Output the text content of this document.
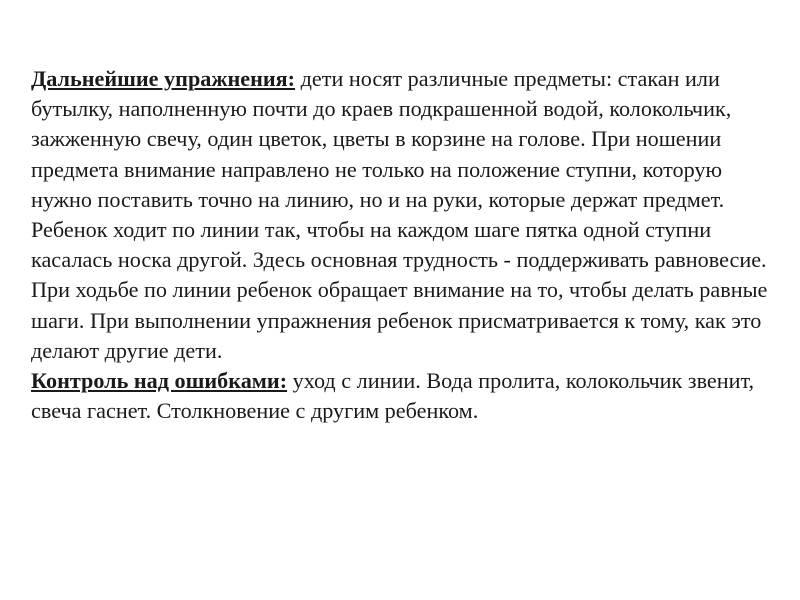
Дальнейшие упражнения: дети носят различные предметы: стакан или бутылку, наполненную почти до краев подкрашенной водой, колокольчик, зажженную свечу, один цветок, цветы в корзине на голове. При ношении предмета внимание направлено не только на положение ступни, которую нужно поставить точно на линию, но и на руки, которые держат предмет. Ребенок ходит по линии так, чтобы на каждом шаге пятка одной ступни касалась носка другой. Здесь основная трудность - поддерживать равновесие. При ходьбе по линии ребенок обращает внимание на то, чтобы делать равные шаги. При выполнении упражнения ребенок присматривается к тому, как это делают другие дети.

Контроль над ошибками: уход с линии. Вода пролита, колокольчик звенит, свеча гаснет. Столкновение с другим ребенком.
